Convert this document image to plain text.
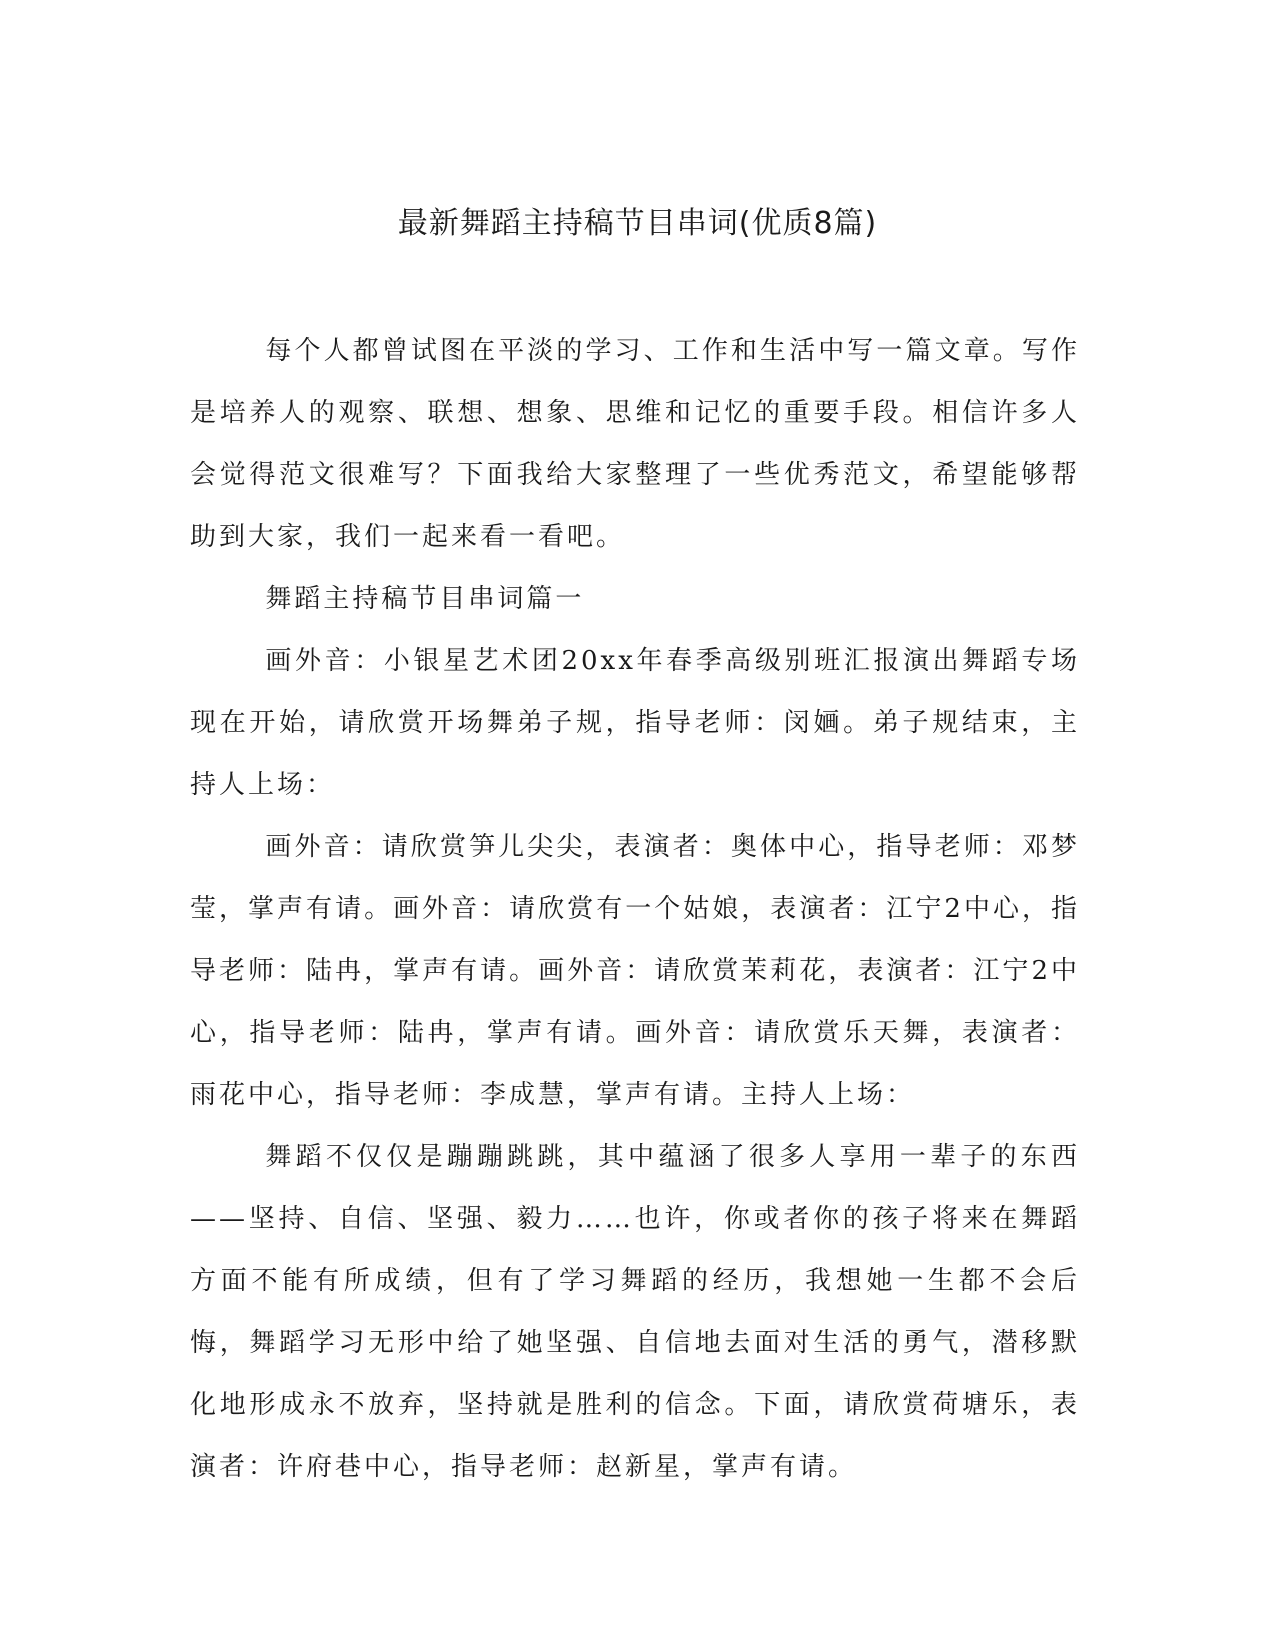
最新舞蹈主持稿节目串词(优质8篇)

每个人都曾试图在平淡的学习、工作和生活中写一篇文章。写作是培养人的观察、联想、想象、思维和记忆的重要手段。相信许多人会觉得范文很难写？下面我给大家整理了一些优秀范文，希望能够帮助到大家，我们一起来看一看吧。

舞蹈主持稿节目串词篇一

画外音：小银星艺术团20xx年春季高级别班汇报演出舞蹈专场现在开始，请欣赏开场舞弟子规，指导老师：闵婳。弟子规结束，主持人上场：

画外音：请欣赏笋儿尖尖，表演者：奥体中心，指导老师：邓梦莹，掌声有请。画外音：请欣赏有一个姑娘，表演者：江宁2中心，指导老师：陆冉，掌声有请。画外音：请欣赏茉莉花，表演者：江宁2中心，指导老师：陆冉，掌声有请。画外音：请欣赏乐天舞，表演者：雨花中心，指导老师：李成慧，掌声有请。主持人上场：

舞蹈不仅仅是蹦蹦跳跳，其中蕴涵了很多人享用一辈子的东西——坚持、自信、坚强、毅力……也许，你或者你的孩子将来在舞蹈方面不能有所成绩，但有了学习舞蹈的经历，我想她一生都不会后悔，舞蹈学习无形中给了她坚强、自信地去面对生活的勇气，潜移默化地形成永不放弃，坚持就是胜利的信念。下面，请欣赏荷塘乐，表演者：许府巷中心，指导老师：赵新星，掌声有请。
